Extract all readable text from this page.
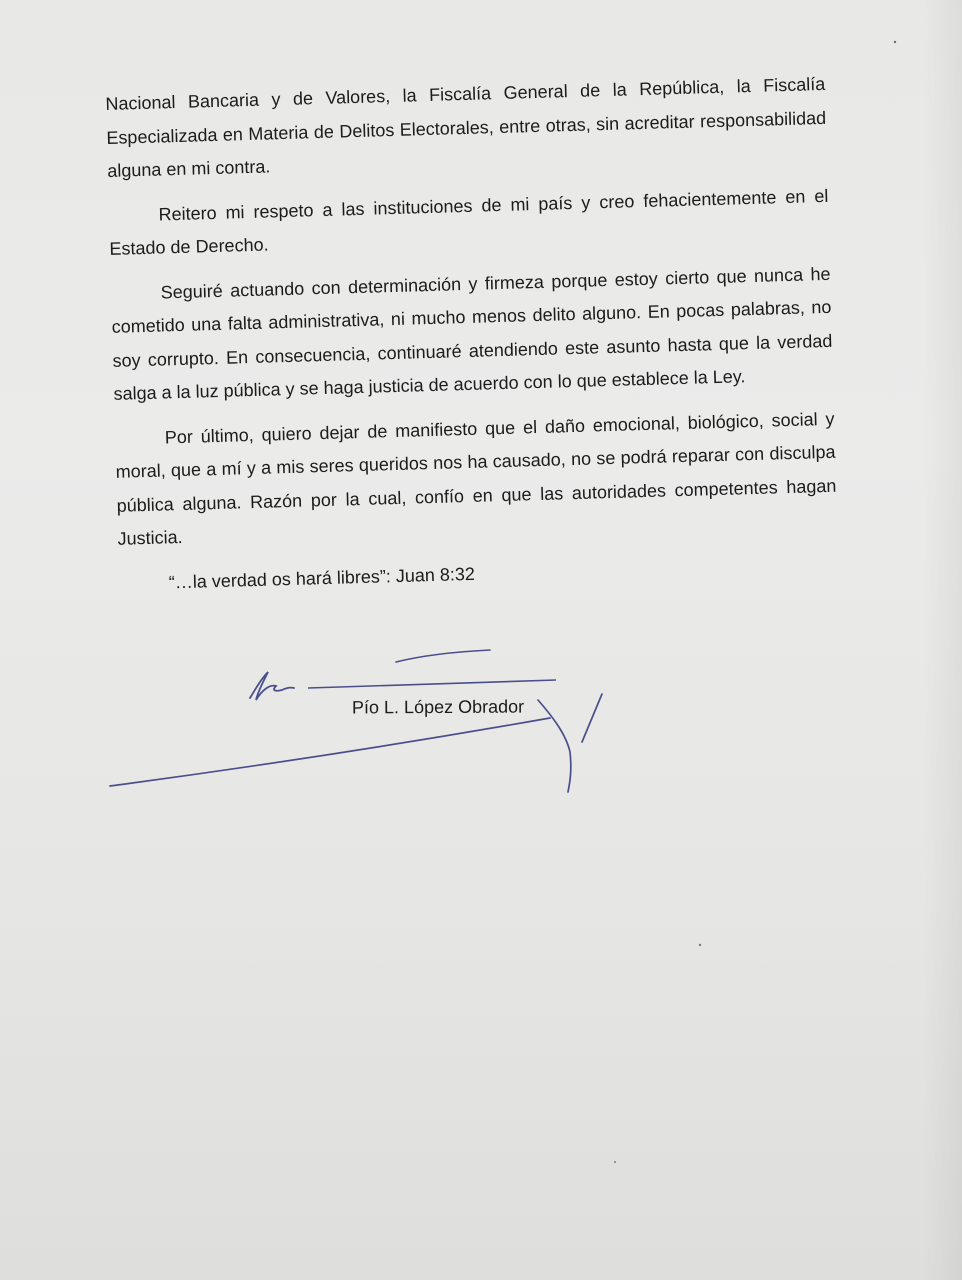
Nacional Bancaria y de Valores, la Fiscalía General de la República, la Fiscalía Especializada en Materia de Delitos Electorales, entre otras, sin acreditar responsabilidad alguna en mi contra.

Reitero mi respeto a las instituciones de mi país y creo fehacientemente en el Estado de Derecho.

Seguiré actuando con determinación y firmeza porque estoy cierto que nunca he cometido una falta administrativa, ni mucho menos delito alguno. En pocas palabras, no soy corrupto. En consecuencia, continuaré atendiendo este asunto hasta que la verdad salga a la luz pública y se haga justicia de acuerdo con lo que establece la Ley.

Por último, quiero dejar de manifiesto que el daño emocional, biológico, social y moral, que a mí y a mis seres queridos nos ha causado, no se podrá reparar con disculpa pública alguna. Razón por la cual, confío en que las autoridades competentes hagan Justicia.

“…la verdad os hará libres”: Juan 8:32

Pío L. López Obrador
